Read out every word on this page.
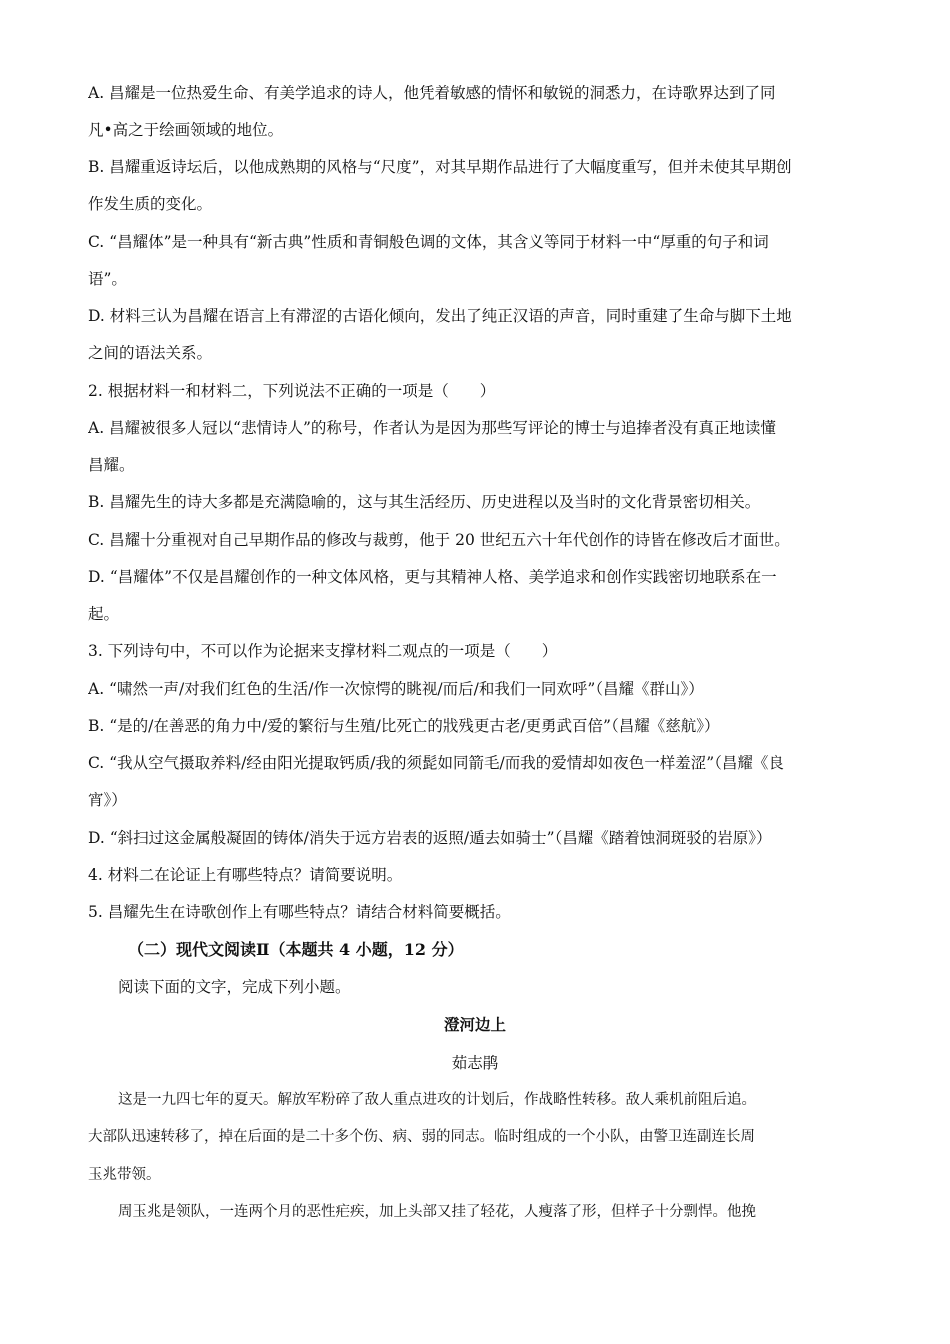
A. 昌耀是一位热爱生命、有美学追求的诗人，他凭着敏感的情怀和敏锐的洞悉力，在诗歌界达到了同
凡•高之于绘画领域的地位。
B. 昌耀重返诗坛后，以他成熟期的风格与“尺度”，对其早期作品进行了大幅度重写，但并未使其早期创
作发生质的变化。
C. “昌耀体”是一种具有“新古典”性质和青铜般色调的文体，其含义等同于材料一中“厚重的句子和词
语”。
D. 材料三认为昌耀在语言上有滞涩的古语化倾向，发出了纯正汉语的声音，同时重建了生命与脚下土地
之间的语法关系。
2. 根据材料一和材料二，下列说法不正确的一项是（　　）
A. 昌耀被很多人冠以“悲情诗人”的称号，作者认为是因为那些写评论的博士与追捧者没有真正地读懂
昌耀。
B. 昌耀先生的诗大多都是充满隐喻的，这与其生活经历、历史进程以及当时的文化背景密切相关。
C. 昌耀十分重视对自己早期作品的修改与裁剪，他于 20 世纪五六十年代创作的诗皆在修改后才面世。
D. “昌耀体”不仅是昌耀创作的一种文体风格，更与其精神人格、美学追求和创作实践密切地联系在一
起。
3. 下列诗句中，不可以作为论据来支撑材料二观点的一项是（　　）
A. “啸然一声/对我们红色的生活/作一次惊愕的眺视/而后/和我们一同欢呼”（昌耀《群山》）
B. “是的/在善恶的角力中/爱的繁衍与生殖/比死亡的戕残更古老/更勇武百倍”（昌耀《慈航》）
C. “我从空气摄取养料/经由阳光提取钙质/我的须髭如同箭毛/而我的爱情却如夜色一样羞涩”（昌耀《良
宵》）
D. “斜扫过这金属般凝固的铸体/消失于远方岩表的返照/遁去如骑士”（昌耀《踏着蚀洞斑驳的岩原》）
4. 材料二在论证上有哪些特点？请简要说明。
5. 昌耀先生在诗歌创作上有哪些特点？请结合材料简要概括。
（二）现代文阅读Ⅱ（本题共 4 小题，12 分）
阅读下面的文字，完成下列小题。
澄河边上
茹志鹃
这是一九四七年的夏天。解放军粉碎了敌人重点进攻的计划后，作战略性转移。敌人乘机前阻后追。
大部队迅速转移了，掉在后面的是二十多个伤、病、弱的同志。临时组成的一个小队，由警卫连副连长周
玉兆带领。
周玉兆是领队，一连两个月的恶性疟疾，加上头部又挂了轻花，人瘦落了形，但样子十分剽悍。他挽
